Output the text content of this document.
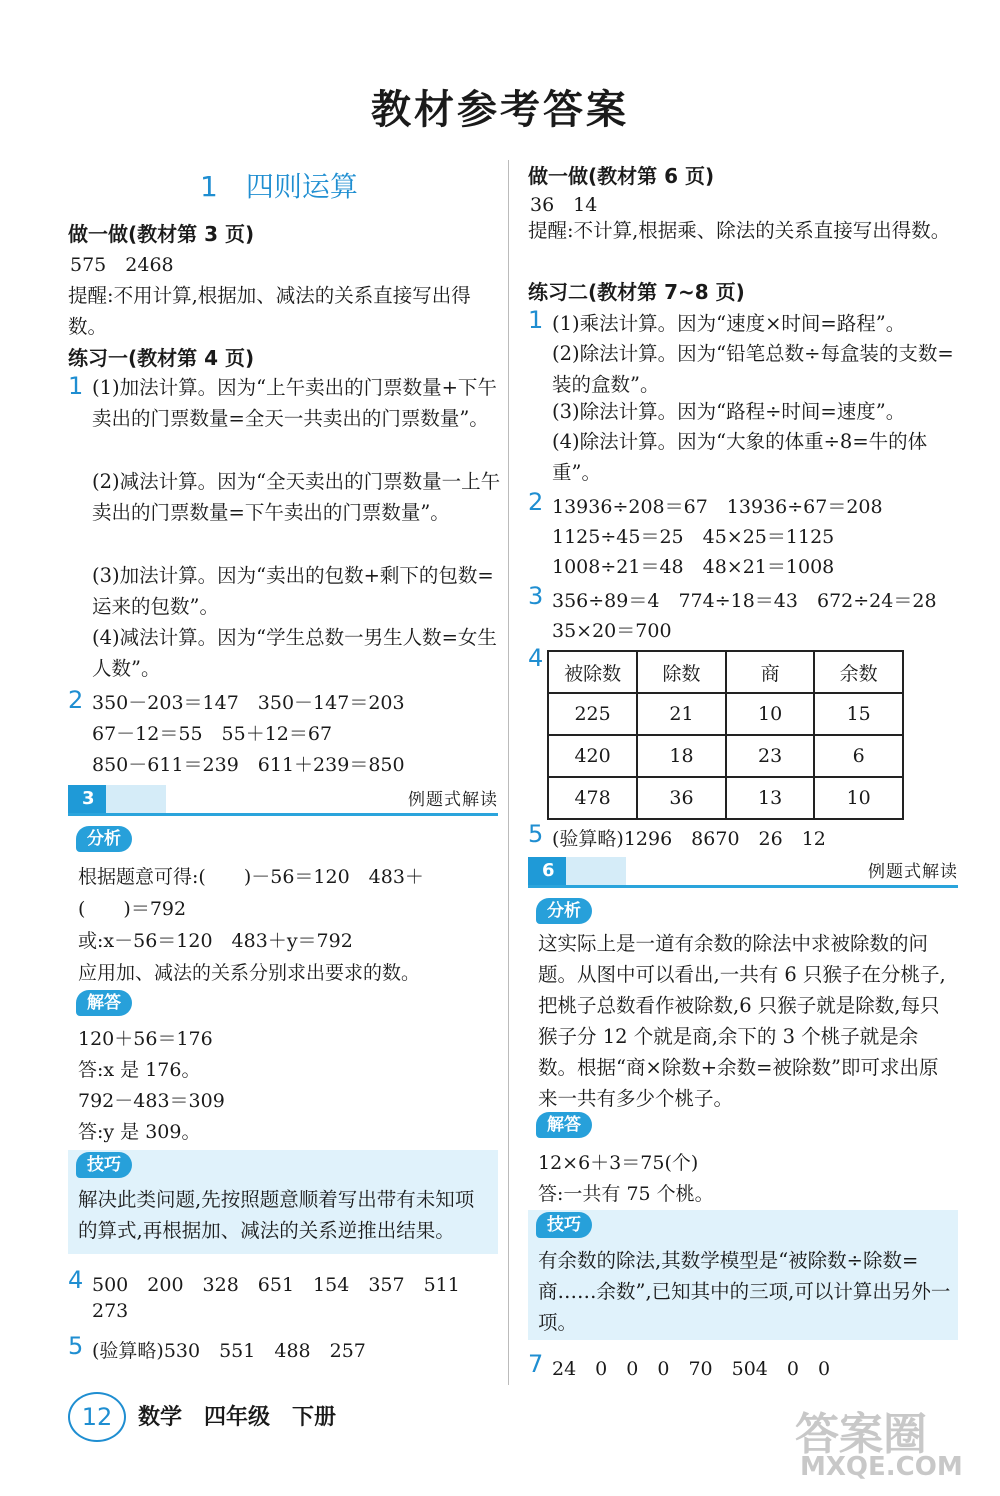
教材参考答案
1　四则运算
做一做(教材第 3 页)
575　2468
提醒:不用计算,根据加、减法的关系直接写出得数。
练习一(教材第 4 页)
1 (1)加法计算。因为“上午卖出的门票数量+下午卖出的门票数量=全天一共卖出的门票数量”。
(2)减法计算。因为“全天卖出的门票数量一上午卖出的门票数量=下午卖出的门票数量”。
(3)加法计算。因为“卖出的包数+剩下的包数=运来的包数”。
(4)减法计算。因为“学生总数一男生人数=女生人数”。
2 350－203＝147　350－147＝203
67－12＝55　55＋12＝67
850－611＝239　611＋239＝850
3	例题式解读
分析
根据题意可得:(　　)－56＝120　483＋
(　　)＝792
或:x－56＝120　483＋y＝792
应用加、减法的关系分别求出要求的数。
解答
120＋56＝176
答:x 是 176。
792－483＝309
答:y 是 309。
技巧
解决此类问题,先按照题意顺着写出带有未知项的算式,再根据加、减法的关系逆推出结果。
4 500　200　328　651　154　357　511
273
5 (验算略)530　551　488　257
做一做(教材第 6 页)
36　14
提醒:不计算,根据乘、除法的关系直接写出得数。
练习二(教材第 7~8 页)
1 (1)乘法计算。因为“速度×时间=路程”。
(2)除法计算。因为“铅笔总数÷每盒装的支数=装的盒数”。
(3)除法计算。因为“路程÷时间=速度”。
(4)除法计算。因为“大象的体重÷8=牛的体重”。
2 13936÷208＝67　13936÷67＝208
1125÷45＝25　45×25＝1125
1008÷21＝48　48×21＝1008
3 356÷89＝4　774÷18＝43　672÷24＝28
35×20＝700
4
被除数	除数	商	余数
225	21	10	15
420	18	23	6
478	36	13	10
5 (验算略)1296　8670　26　12
6	例题式解读
分析
这实际上是一道有余数的除法中求被除数的问题。从图中可以看出,一共有 6 只猴子在分桃子,把桃子总数看作被除数,6 只猴子就是除数,每只猴子分 12 个就是商,余下的 3 个桃子就是余数。根据“商×除数+余数=被除数”即可求出原来一共有多少个桃子。
解答
12×6＋3＝75(个)
答:一共有 75 个桃。
技巧
有余数的除法,其数学模型是“被除数÷除数=商……余数”,已知其中的三项,可以计算出另外一项。
7 24　0　0　0　70　504　0　0
12	数学　四年级　下册	答案圈
MXQE.COM
